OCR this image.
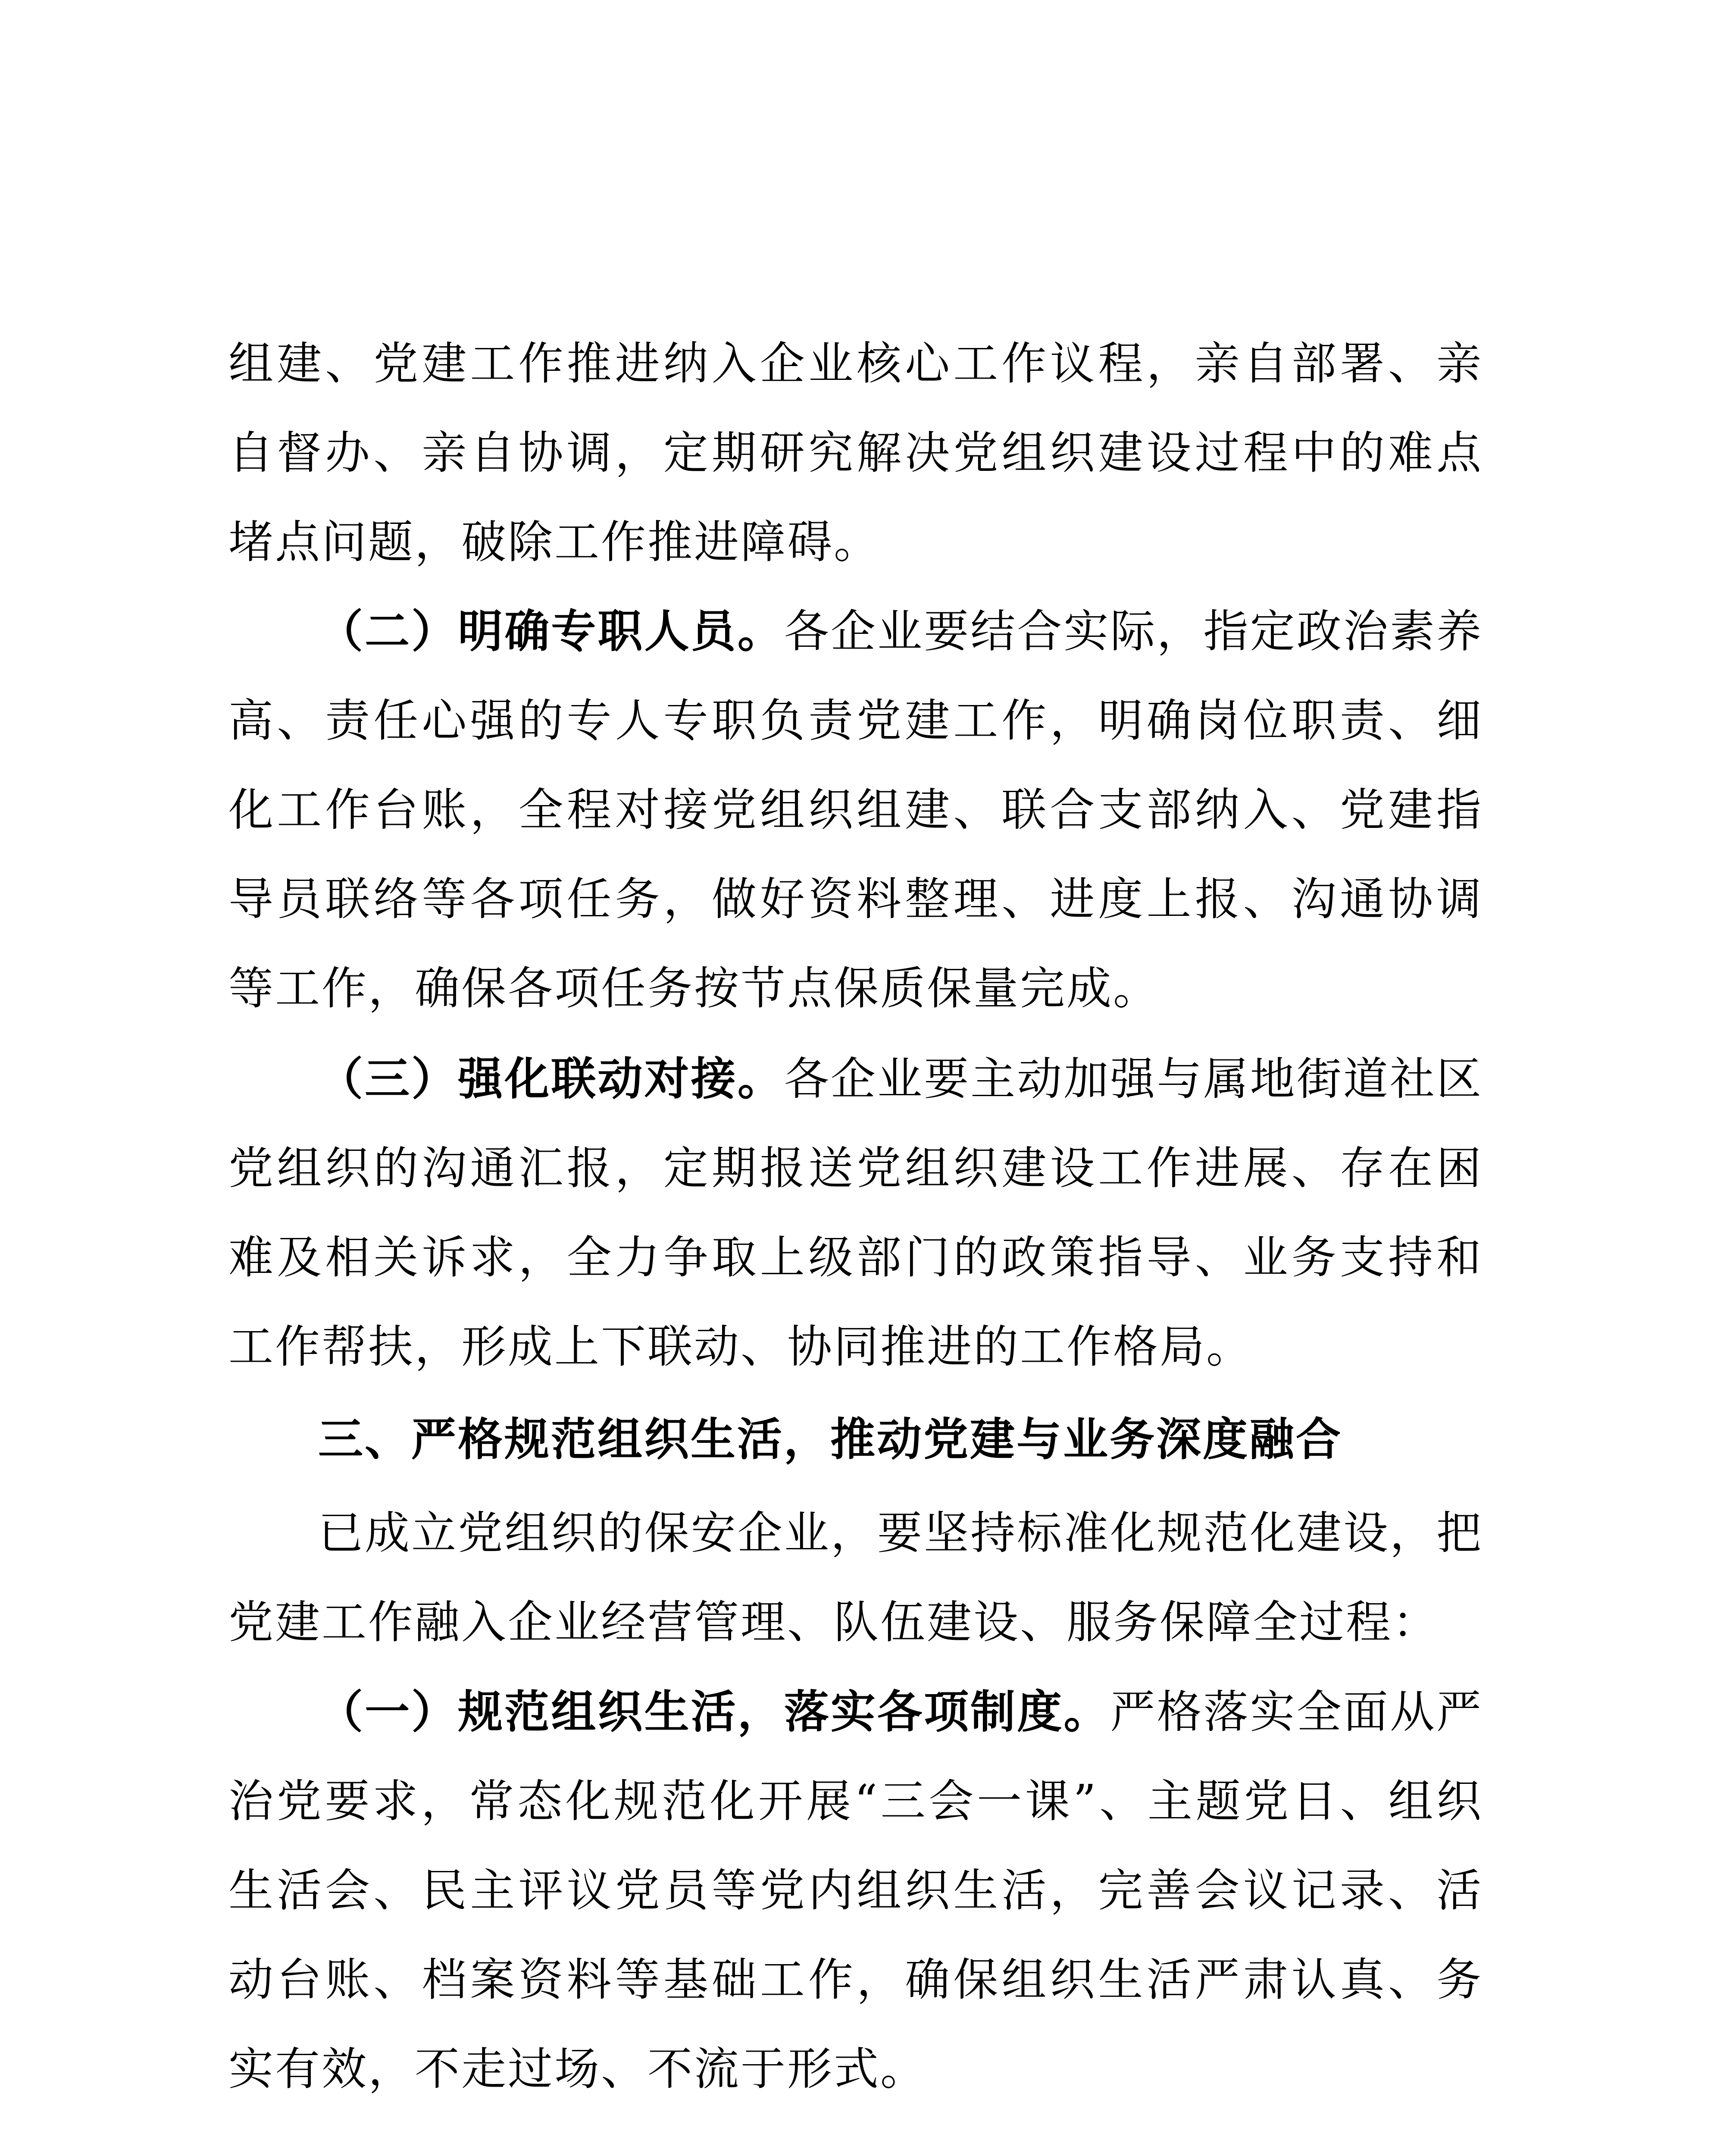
组建、党建工作推进纳入企业核心工作议程，亲自部署、亲自督办、亲自协调，定期研究解决党组织建设过程中的难点堵点问题，破除工作推进障碍。

（二）明确专职人员。各企业要结合实际，指定政治素养高、责任心强的专人专职负责党建工作，明确岗位职责、细化工作台账，全程对接党组织组建、联合支部纳入、党建指导员联络等各项任务，做好资料整理、进度上报、沟通协调等工作，确保各项任务按节点保质保量完成。

（三）强化联动对接。各企业要主动加强与属地街道社区党组织的沟通汇报，定期报送党组织建设工作进展、存在困难及相关诉求，全力争取上级部门的政策指导、业务支持和工作帮扶，形成上下联动、协同推进的工作格局。

三、严格规范组织生活，推动党建与业务深度融合

已成立党组织的保安企业，要坚持标准化规范化建设，把党建工作融入企业经营管理、队伍建设、服务保障全过程：

（一）规范组织生活，落实各项制度。严格落实全面从严治党要求，常态化规范化开展“三会一课”、主题党日、组织生活会、民主评议党员等党内组织生活，完善会议记录、活动台账、档案资料等基础工作，确保组织生活严肃认真、务实有效，不走过场、不流于形式。
